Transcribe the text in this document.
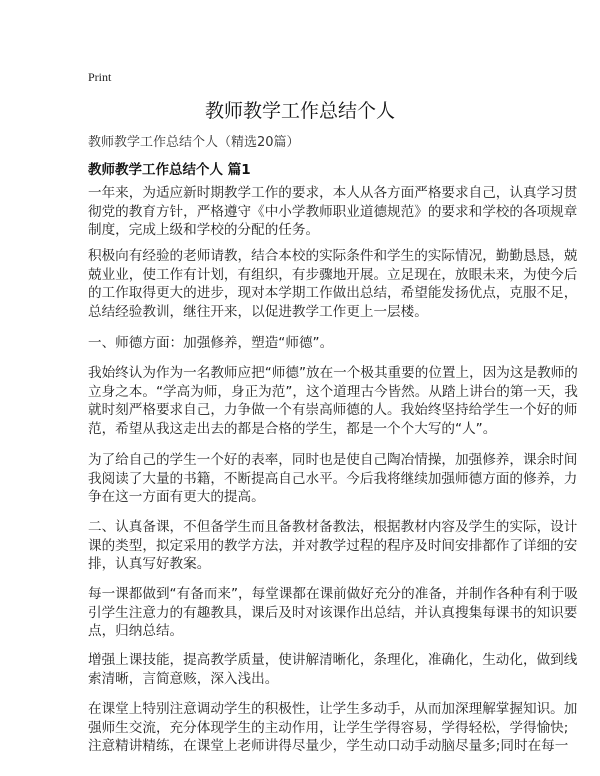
Print
教师教学工作总结个人
教师教学工作总结个人（精选20篇）
教师教学工作总结个人 篇1
一年来，为适应新时期教学工作的要求，本人从各方面严格要求自己，认真学习贯
彻党的教育方针，严格遵守《中小学教师职业道德规范》的要求和学校的各项规章
制度，完成上级和学校的分配的任务。
积极向有经验的老师请教，结合本校的实际条件和学生的实际情况，勤勤恳恳，兢
兢业业，使工作有计划，有组织，有步骤地开展。立足现在，放眼未来，为使今后
的工作取得更大的进步，现对本学期工作做出总结，希望能发扬优点，克服不足，
总结经验教训，继往开来，以促进教学工作更上一层楼。
一、师德方面：加强修养，塑造“师德”。
我始终认为作为一名教师应把“师德”放在一个极其重要的位置上，因为这是教师的
立身之本。“学高为师，身正为范”，这个道理古今皆然。从踏上讲台的第一天，我
就时刻严格要求自己，力争做一个有崇高师德的人。我始终坚持给学生一个好的师
范，希望从我这走出去的都是合格的学生，都是一个个大写的“人”。
为了给自己的学生一个好的表率，同时也是使自己陶冶情操，加强修养，课余时间
我阅读了大量的书籍，不断提高自己水平。今后我将继续加强师德方面的修养，力
争在这一方面有更大的提高。
二、认真备课，不但备学生而且备教材备教法，根据教材内容及学生的实际，设计
课的类型，拟定采用的教学方法，并对教学过程的程序及时间安排都作了详细的安
排，认真写好教案。
每一课都做到“有备而来”，每堂课都在课前做好充分的准备，并制作各种有利于吸
引学生注意力的有趣教具，课后及时对该课作出总结，并认真搜集每课书的知识要
点，归纳总结。
增强上课技能，提高教学质量，使讲解清晰化，条理化，准确化，生动化，做到线
索清晰，言简意赅，深入浅出。
在课堂上特别注意调动学生的积极性，让学生多动手，从而加深理解掌握知识。加
强师生交流，充分体现学生的主动作用，让学生学得容易，学得轻松，学得愉快;
注意精讲精练，在课堂上老师讲得尽量少，学生动口动手动脑尽量多;同时在每一
